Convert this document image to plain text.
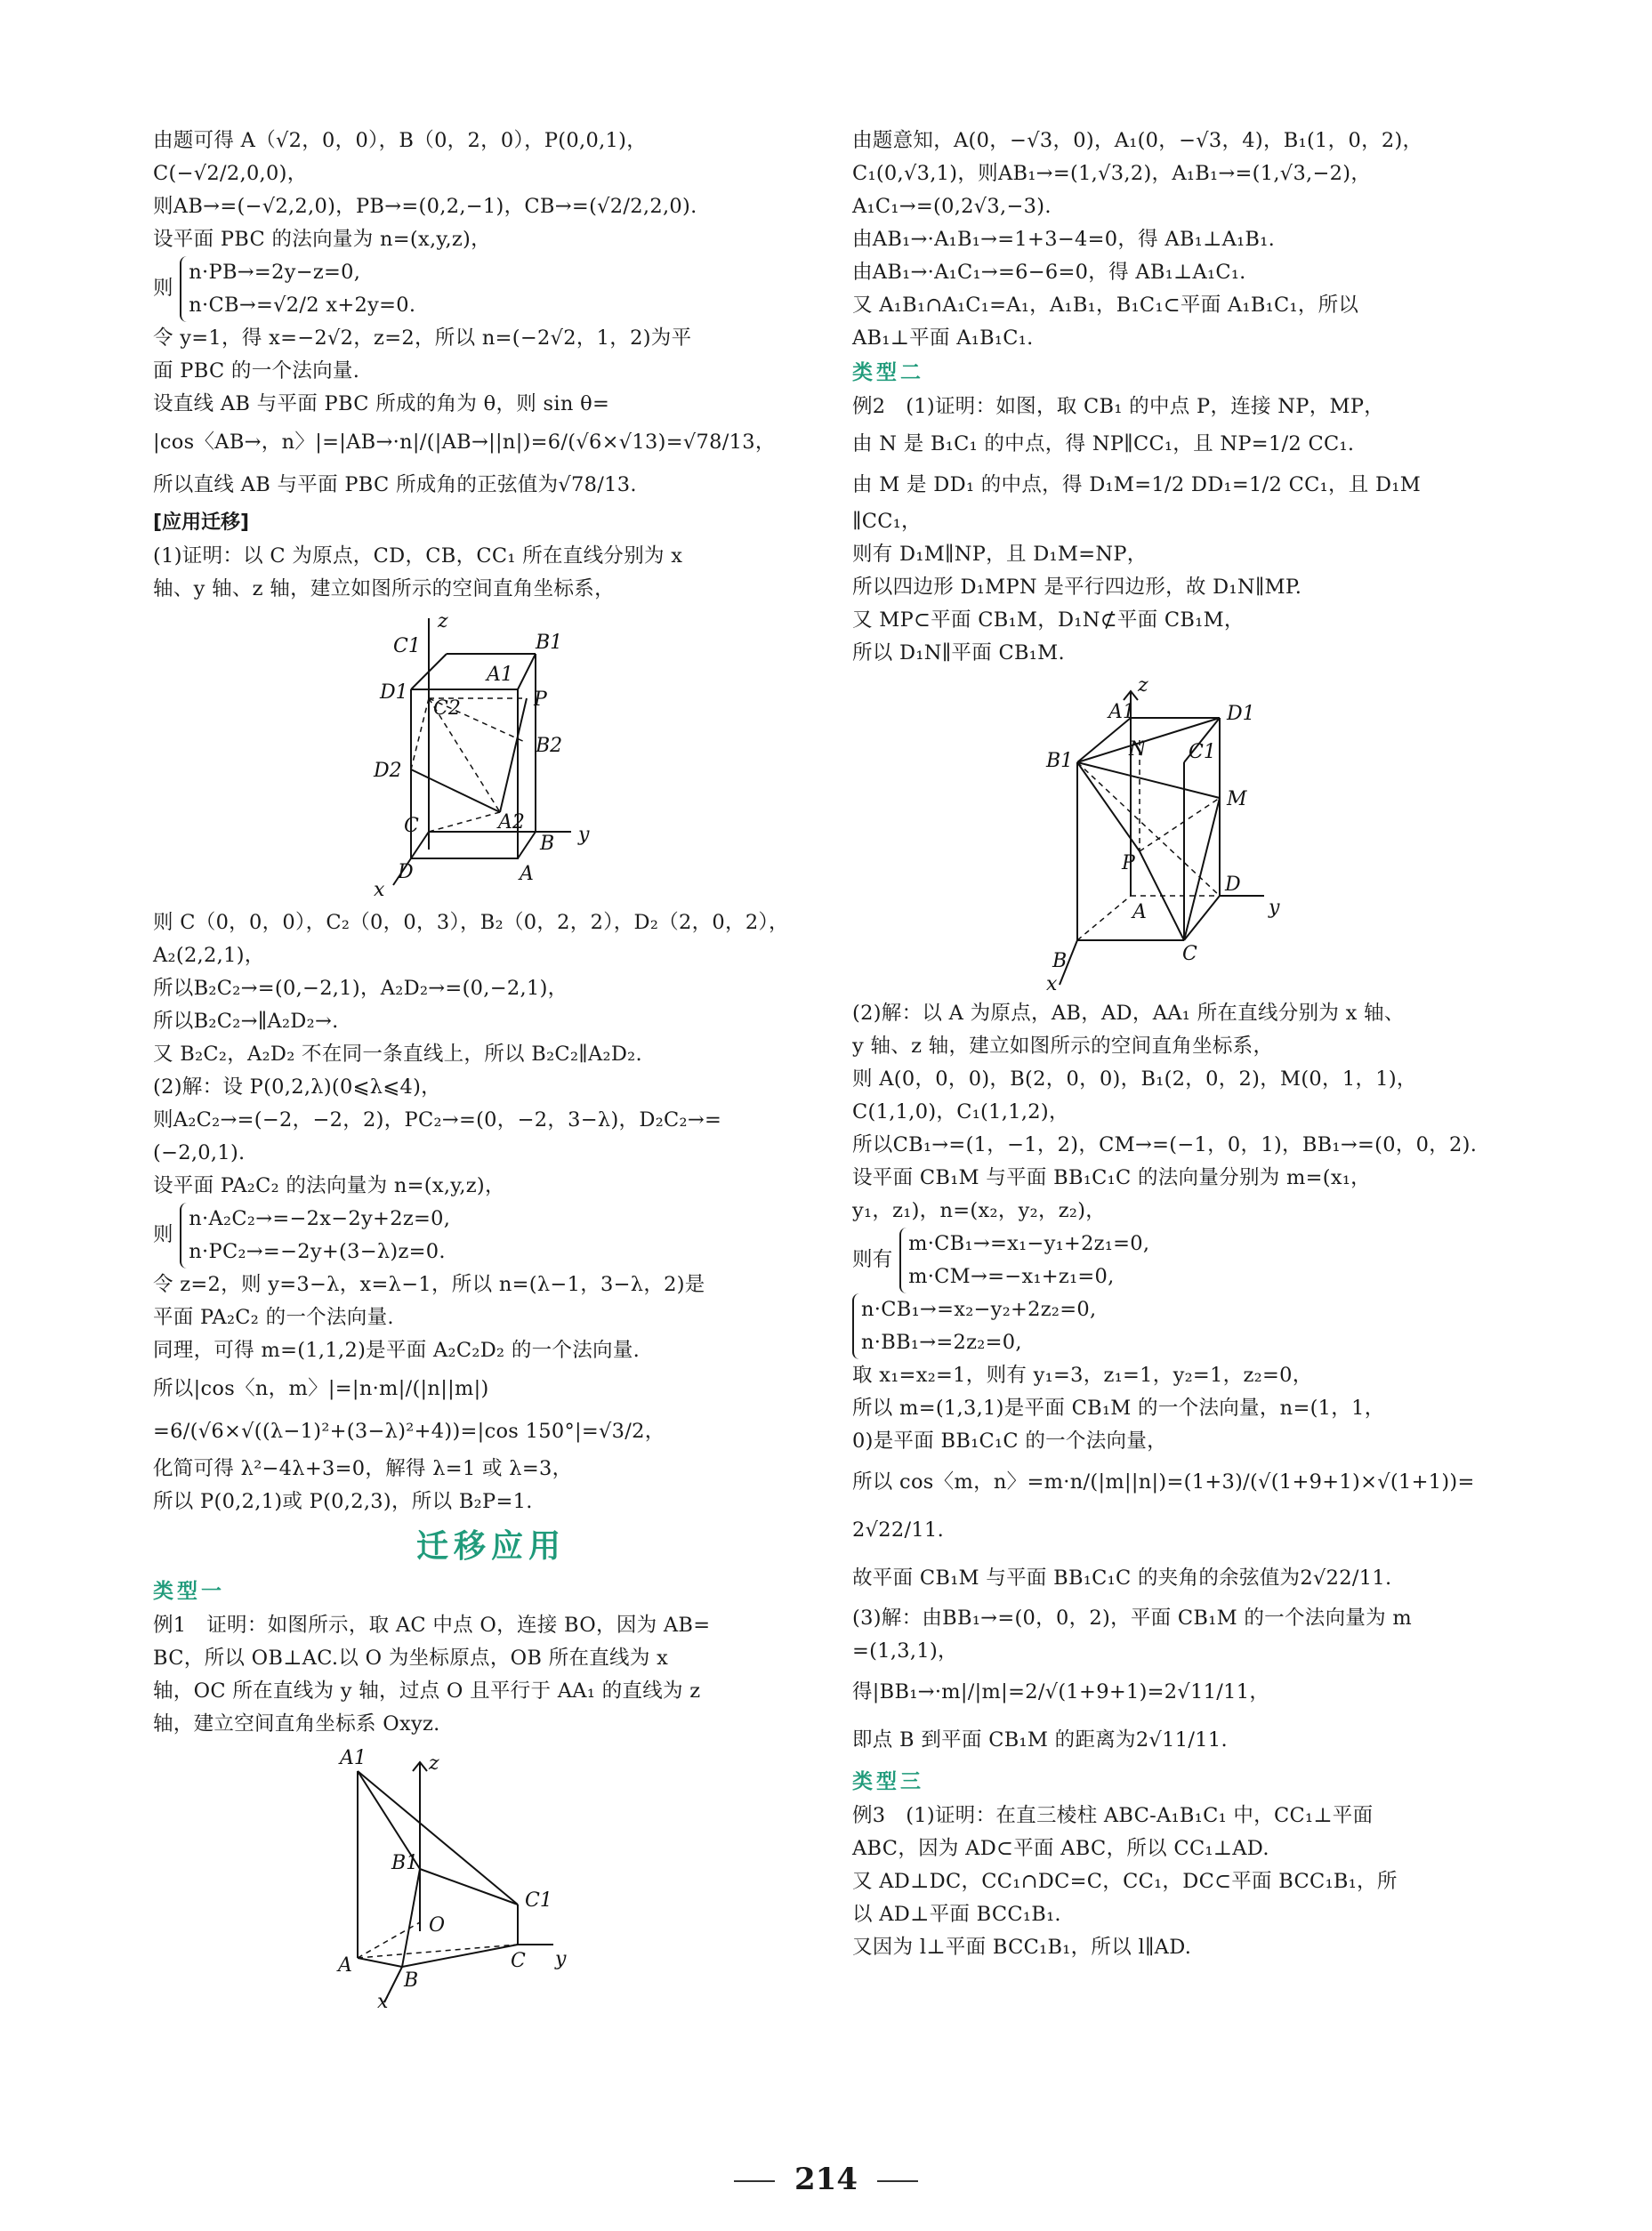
由题可得 A（√2，0，0），B（0，2，0），P(0,0,1)，
C(−√2/2,0,0)，
则AB→=(−√2,2,0)，PB→=(0,2,−1)，CB→=(√2/2,2,0).
设平面 PBC 的法向量为 n=(x,y,z)，
则
n·PB→=2y−z=0,
n·CB→=√2/2 x+2y=0.
令 y=1，得 x=−2√2，z=2，所以 n=(−2√2，1，2)为平
面 PBC 的一个法向量.
设直线 AB 与平面 PBC 所成的角为 θ，则 sin θ=
|cos〈AB→，n〉|=|AB→·n|/(|AB→||n|)=6/(√6×√13)=√78/13，
所以直线 AB 与平面 PBC 所成角的正弦值为√78/13.
[应用迁移]
(1)证明：以 C 为原点，CD，CB，CC₁ 所在直线分别为 x
轴、y 轴、z 轴，建立如图所示的空间直角坐标系，
z
C1	B1
A1
D1
C2	P
B2
D2
C	A2
y
x
D	A
B
则 C（0，0，0），C₂（0，0，3），B₂（0，2，2），D₂（2，0，2），
A₂(2,2,1)，
所以B₂C₂→=(0,−2,1)，A₂D₂→=(0,−2,1)，
所以B₂C₂→∥A₂D₂→.
又 B₂C₂，A₂D₂ 不在同一条直线上，所以 B₂C₂∥A₂D₂.
(2)解：设 P(0,2,λ)(0⩽λ⩽4)，
则A₂C₂→=(−2，−2，2)，PC₂→=(0，−2，3−λ)，D₂C₂→=
(−2,0,1).
设平面 PA₂C₂ 的法向量为 n=(x,y,z)，
则
n·A₂C₂→=−2x−2y+2z=0,
n·PC₂→=−2y+(3−λ)z=0.
令 z=2，则 y=3−λ，x=λ−1，所以 n=(λ−1，3−λ，2)是
平面 PA₂C₂ 的一个法向量.
同理，可得 m=(1,1,2)是平面 A₂C₂D₂ 的一个法向量.
所以|cos〈n，m〉|=|n·m|/(|n||m|)
=6/(√6×√((λ−1)²+(3−λ)²+4))=|cos 150°|=√3/2，
化简可得 λ²−4λ+3=0，解得 λ=1 或 λ=3，
所以 P(0,2,1)或 P(0,2,3)，所以 B₂P=1.
迁移应用
类型一
例1　证明：如图所示，取 AC 中点 O，连接 BO，因为 AB=
BC，所以 OB⊥AC.以 O 为坐标原点，OB 所在直线为 x
轴，OC 所在直线为 y 轴，过点 O 且平行于 AA₁ 的直线为 z
轴，建立空间直角坐标系 Oxyz.
A1	z
B1
C1
O
A
B
C y
x
由题意知，A(0，−√3，0)，A₁(0，−√3，4)，B₁(1，0，2)，
C₁(0,√3,1)，则AB₁→=(1,√3,2)，A₁B₁→=(1,√3,−2)，
A₁C₁→=(0,2√3,−3).
由AB₁→·A₁B₁→=1+3−4=0，得 AB₁⊥A₁B₁.
由AB₁→·A₁C₁→=6−6=0，得 AB₁⊥A₁C₁.
又 A₁B₁∩A₁C₁=A₁，A₁B₁，B₁C₁⊂平面 A₁B₁C₁，所以
AB₁⊥平面 A₁B₁C₁.
类型二
例2　(1)证明：如图，取 CB₁ 的中点 P，连接 NP，MP，
由 N 是 B₁C₁ 的中点，得 NP∥CC₁，且 NP=1/2 CC₁.
由 M 是 DD₁ 的中点，得 D₁M=1/2 DD₁=1/2 CC₁，且 D₁M
∥CC₁，
则有 D₁M∥NP，且 D₁M=NP，
所以四边形 D₁MPN 是平行四边形，故 D₁N∥MP.
又 MP⊂平面 CB₁M，D₁N⊄平面 CB₁M，
所以 D₁N∥平面 CB₁M.
z
A1	D1
N C1
B1
M
P
D
y
A
C
B
x
(2)解：以 A 为原点，AB，AD，AA₁ 所在直线分别为 x 轴、
y 轴、z 轴，建立如图所示的空间直角坐标系，
则 A(0，0，0)，B(2，0，0)，B₁(2，0，2)，M(0，1，1)，
C(1,1,0)，C₁(1,1,2)，
所以CB₁→=(1，−1，2)，CM→=(−1，0，1)，BB₁→=(0，0，2).
设平面 CB₁M 与平面 BB₁C₁C 的法向量分别为 m=(x₁，
y₁，z₁)，n=(x₂，y₂，z₂)，
则有
m·CB₁→=x₁−y₁+2z₁=0,
m·CM→=−x₁+z₁=0,
n·CB₁→=x₂−y₂+2z₂=0,
n·BB₁→=2z₂=0,
取 x₁=x₂=1，则有 y₁=3，z₁=1，y₂=1，z₂=0，
所以 m=(1,3,1)是平面 CB₁M 的一个法向量，n=(1，1，
0)是平面 BB₁C₁C 的一个法向量，
所以 cos〈m，n〉=m·n/(|m||n|)=(1+3)/(√(1+9+1)×√(1+1))=
2√22/11.
故平面 CB₁M 与平面 BB₁C₁C 的夹角的余弦值为2√22/11.
(3)解：由BB₁→=(0，0，2)，平面 CB₁M 的一个法向量为 m
=(1,3,1)，
得|BB₁→·m|/|m|=2/√(1+9+1)=2√11/11，
即点 B 到平面 CB₁M 的距离为2√11/11.
类型三
例3　(1)证明：在直三棱柱 ABC-A₁B₁C₁ 中，CC₁⊥平面
ABC，因为 AD⊂平面 ABC，所以 CC₁⊥AD.
又 AD⊥DC，CC₁∩DC=C，CC₁，DC⊂平面 BCC₁B₁，所
以 AD⊥平面 BCC₁B₁.
又因为 l⊥平面 BCC₁B₁，所以 l∥AD.
214
